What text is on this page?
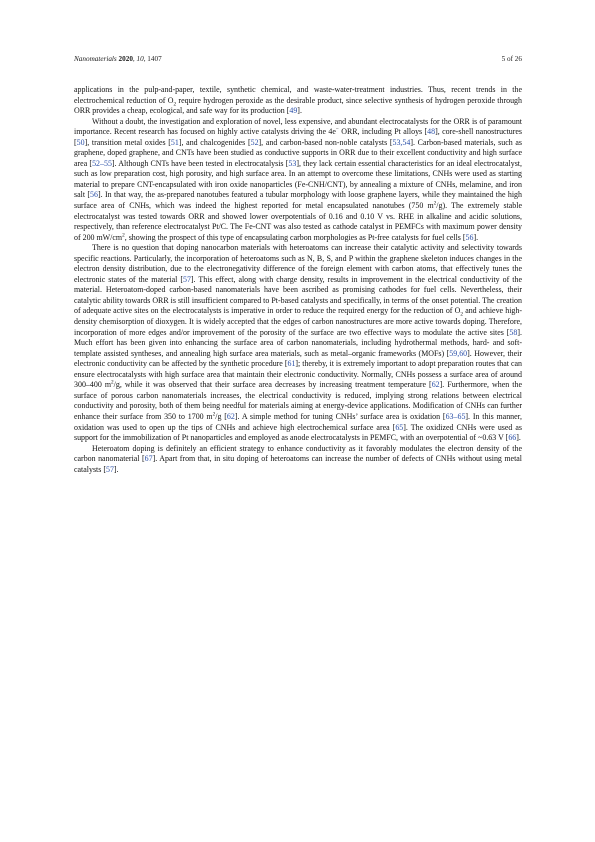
Nanomaterials 2020, 10, 1407	5 of 26

applications in the pulp-and-paper, textile, synthetic chemical, and waste-water-treatment industries. Thus, recent trends in the electrochemical reduction of $O_2$ require hydrogen peroxide as the desirable product, since selective synthesis of hydrogen peroxide through ORR provides a cheap, ecological, and safe way for its production [49].

Without a doubt, the investigation and exploration of novel, less expensive, and abundant electrocatalysts for the ORR is of paramount importance. Recent research has focused on highly active catalysts driving the 4e− ORR, including Pt alloys [48], core-shell nanostructures [50], transition metal oxides [51], and chalcogenides [52], and carbon-based non-noble catalysts [53,54]. Carbon-based materials, such as graphene, doped graphene, and CNTs have been studied as conductive supports in ORR due to their excellent conductivity and high surface area [52–55]. Although CNTs have been tested in electrocatalysis [53], they lack certain essential characteristics for an ideal electrocatalyst, such as low preparation cost, high porosity, and high surface area. In an attempt to overcome these limitations, CNHs were used as starting material to prepare CNT-encapsulated with iron oxide nanoparticles (Fe-CNH/CNT), by annealing a mixture of CNHs, melamine, and iron salt [56]. In that way, the as-prepared nanotubes featured a tubular morphology with loose graphene layers, while they maintained the high surface area of CNHs, which was indeed the highest reported for metal encapsulated nanotubes (750 $m^2/g$). The extremely stable electrocatalyst was tested towards ORR and showed lower overpotentials of 0.16 and 0.10 V vs. RHE in alkaline and acidic solutions, respectively, than reference electrocatalyst Pt/C. The Fe-CNT was also tested as cathode catalyst in PEMFCs with maximum power density of 200 $mW/cm^2$, showing the prospect of this type of encapsulating carbon morphologies as Pt-free catalysts for fuel cells [56].

There is no question that doping nanocarbon materials with heteroatoms can increase their catalytic activity and selectivity towards specific reactions. Particularly, the incorporation of heteroatoms such as N, B, S, and P within the graphene skeleton induces changes in the electron density distribution, due to the electronegativity difference of the foreign element with carbon atoms, that effectively tunes the electronic states of the material [57]. This effect, along with charge density, results in improvement in the electrical conductivity of the material. Heteroatom-doped carbon-based nanomaterials have been ascribed as promising cathodes for fuel cells. Nevertheless, their catalytic ability towards ORR is still insufficient compared to Pt-based catalysts and specifically, in terms of the onset potential. The creation of adequate active sites on the electrocatalysts is imperative in order to reduce the required energy for the reduction of $O_2$ and achieve high-density chemisorption of dioxygen. It is widely accepted that the edges of carbon nanostructures are more active towards doping. Therefore, incorporation of more edges and/or improvement of the porosity of the surface are two effective ways to modulate the active sites [58]. Much effort has been given into enhancing the surface area of carbon nanomaterials, including hydrothermal methods, hard- and soft-template assisted syntheses, and annealing high surface area materials, such as metal–organic frameworks (MOFs) [59,60]. However, their electronic conductivity can be affected by the synthetic procedure [61]; thereby, it is extremely important to adopt preparation routes that can ensure electrocatalysts with high surface area that maintain their electronic conductivity. Normally, CNHs possess a surface area of around 300–400 $m^2/g$, while it was observed that their surface area decreases by increasing treatment temperature [62]. Furthermore, when the surface of porous carbon nanomaterials increases, the electrical conductivity is reduced, implying strong relations between electrical conductivity and porosity, both of them being needful for materials aiming at energy-device applications. Modification of CNHs can further enhance their surface from 350 to 1700 $m^2/g$ [62]. A simple method for tuning CNHs’ surface area is oxidation [63–65]. In this manner, oxidation was used to open up the tips of CNHs and achieve high electrochemical surface area [65]. The oxidized CNHs were used as support for the immobilization of Pt nanoparticles and employed as anode electrocatalysts in PEMFC, with an overpotential of ~0.63 V [66].

Heteroatom doping is definitely an efficient strategy to enhance conductivity as it favorably modulates the electron density of the carbon nanomaterial [67]. Apart from that, in situ doping of heteroatoms can increase the number of defects of CNHs without using metal catalysts [57].
